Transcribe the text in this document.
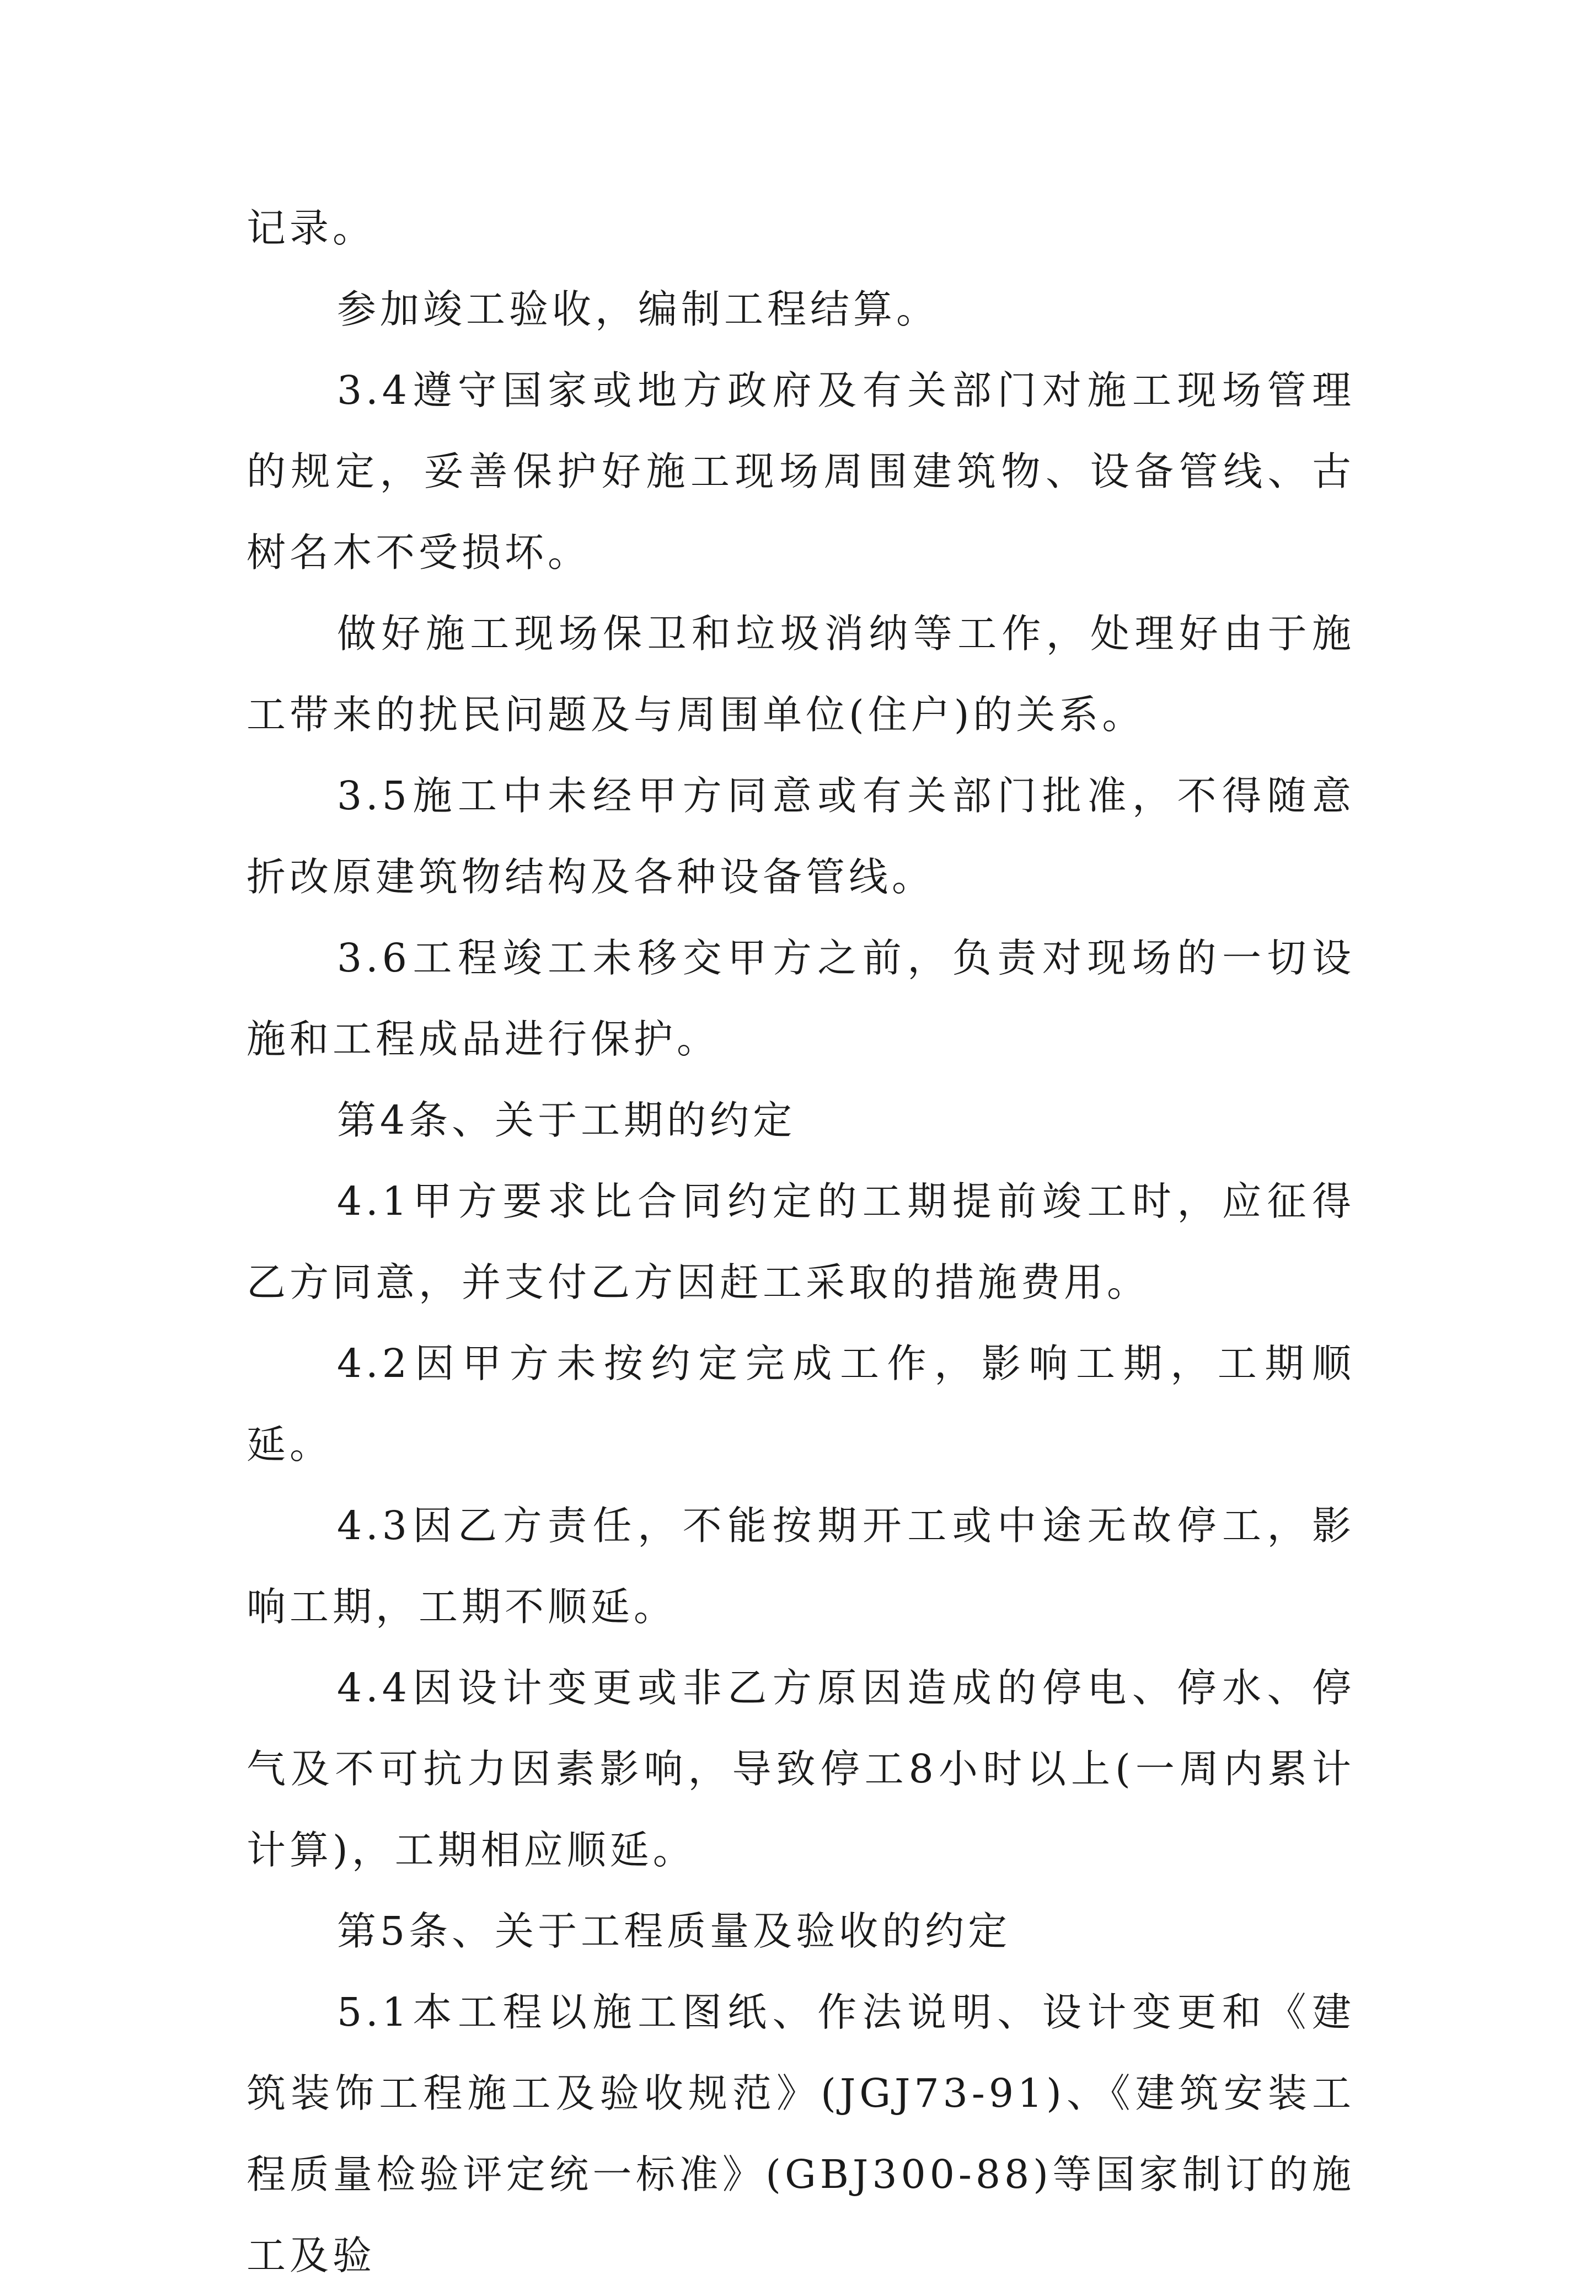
记录。

参加竣工验收，编制工程结算。

3.4遵守国家或地方政府及有关部门对施工现场管理的规定，妥善保护好施工现场周围建筑物、设备管线、古树名木不受损坏。

做好施工现场保卫和垃圾消纳等工作，处理好由于施工带来的扰民问题及与周围单位(住户)的关系。

3.5施工中未经甲方同意或有关部门批准，不得随意折改原建筑物结构及各种设备管线。

3.6工程竣工未移交甲方之前，负责对现场的一切设施和工程成品进行保护。

第4条、关于工期的约定

4.1甲方要求比合同约定的工期提前竣工时，应征得乙方同意，并支付乙方因赶工采取的措施费用。

4.2因甲方未按约定完成工作，影响工期，工期顺延。

4.3因乙方责任，不能按期开工或中途无故停工，影响工期，工期不顺延。

4.4因设计变更或非乙方原因造成的停电、停水、停气及不可抗力因素影响，导致停工8小时以上(一周内累计计算)，工期相应顺延。

第5条、关于工程质量及验收的约定

5.1本工程以施工图纸、作法说明、设计变更和《建筑装饰工程施工及验收规范》(JGJ73-91)、《建筑安装工程质量检验评定统一标准》(GBJ300-88)等国家制订的施工及验
